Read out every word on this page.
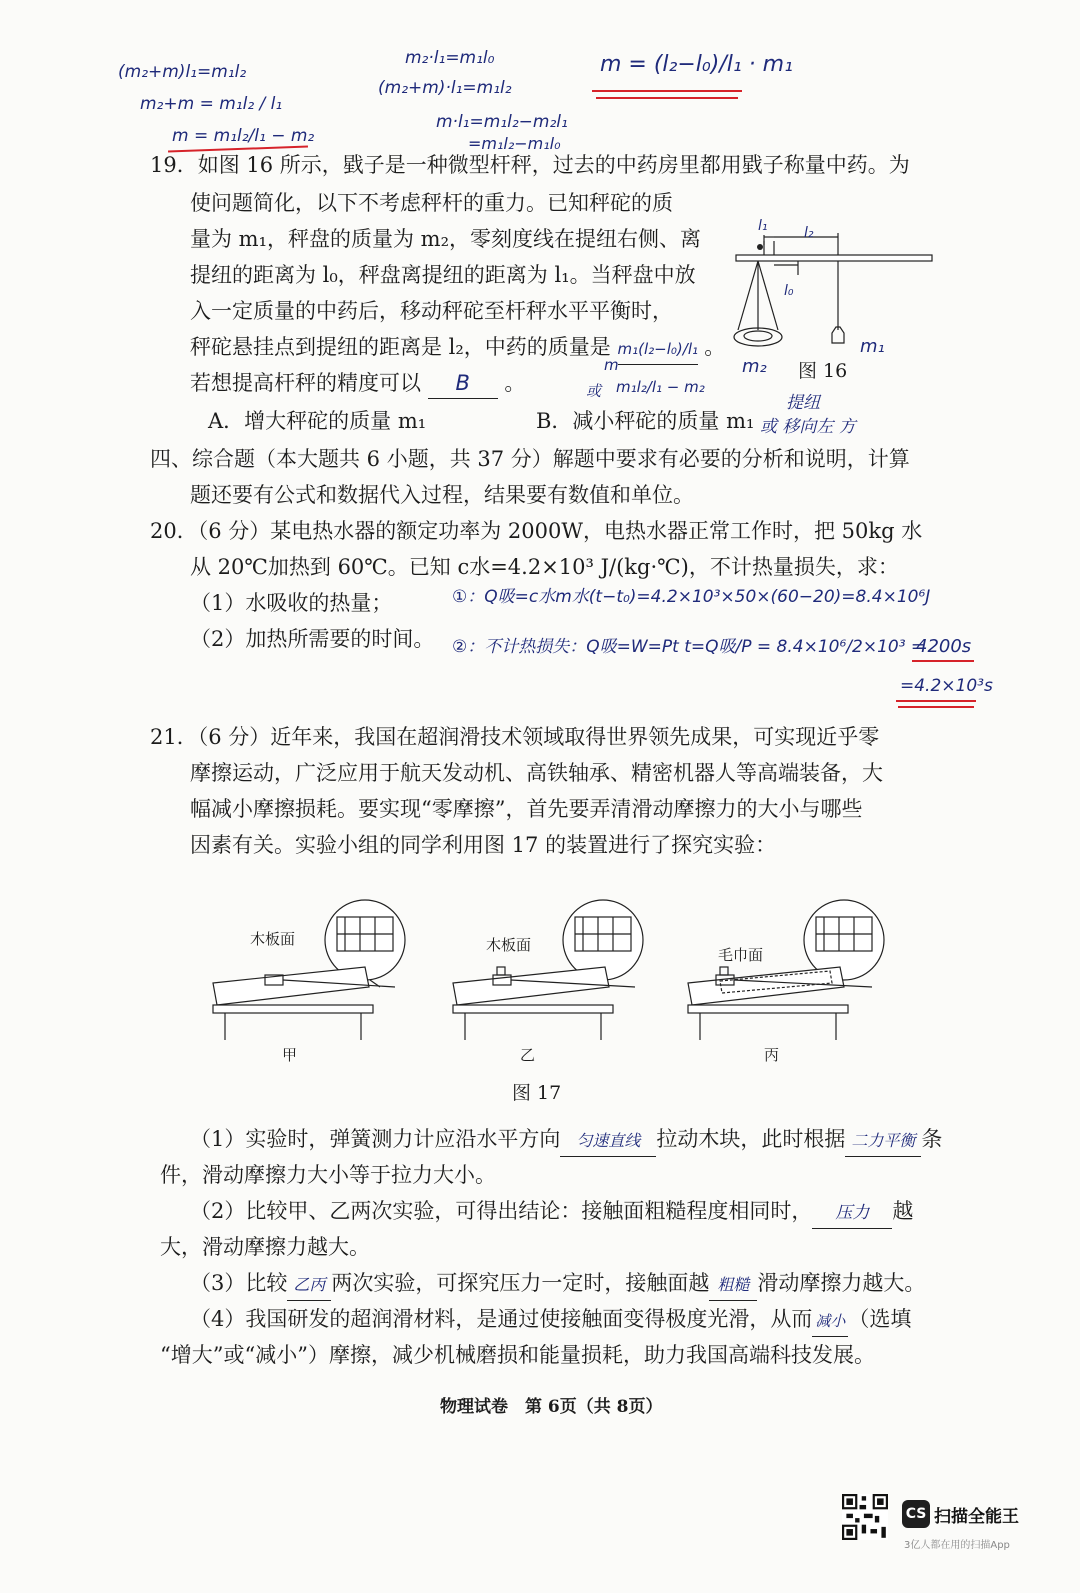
(m₂+m)l₁=m₁l₂
m₂+m = m₁l₂ / l₁
m = m₁l₂/l₁ − m₂
m₂·l₁=m₁l₀
(m₂+m)·l₁=m₁l₂
m·l₁=m₁l₂−m₂l₁
=m₁l₂−m₁l₀
m = (l₂−l₀)/l₁ · m₁
19．如图 16 所示，戥子是一种微型杆秤，过去的中药房里都用戥子称量中药。为
使问题简化，以下不考虑秤杆的重力。已知秤砣的质
量为 m₁，秤盘的质量为 m₂，零刻度线在提纽右侧、离
提纽的距离为 l₀，秤盘离提纽的距离为 l₁。当秤盘中放
入一定质量的中药后，移动秤砣至杆秤水平平衡时，
秤砣悬挂点到提纽的距离是 l₂，中药的质量是 m₁(l₂−l₀)/l₁ 。
若想提高杆秤的精度可以 B 。
m
或 m₁l₂/l₁ − m₂
A．增大秤砣的质量 m₁	B．减小秤砣的质量 m₁
提纽
或 移向左 方
l₁	l₂
l₀
m₁
m₂ 图 16
四、综合题（本大题共 6 小题，共 37 分）解题中要求有必要的分析和说明，计算
题还要有公式和数据代入过程，结果要有数值和单位。
20．（6 分）某电热水器的额定功率为 2000W，电热水器正常工作时，把 50kg 水
从 20℃加热到 60℃。已知 c水=4.2×10³ J/(kg·℃)，不计热量损失，求：
（1）水吸收的热量；
（2）加热所需要的时间。
①：Q吸=c水m水(t−t₀)=4.2×10³×50×(60−20)=8.4×10⁶J
②：不计热损失：Q吸=W=Pt t=Q吸/P = 8.4×10⁶/2×10³ =
4200s
=4.2×10³s
21．（6 分）近年来，我国在超润滑技术领域取得世界领先成果，可实现近乎零
摩擦运动，广泛应用于航天发动机、高铁轴承、精密机器人等高端装备，大
幅减小摩擦损耗。要实现“零摩擦”，首先要弄清滑动摩擦力的大小与哪些
因素有关。实验小组的同学利用图 17 的装置进行了探究实验：
木板面
甲
木板面
乙
毛巾面
丙
图 17
（1）实验时，弹簧测力计应沿水平方向 匀速直线 拉动木块，此时根据 二力平衡 条
件，滑动摩擦力大小等于拉力大小。
（2）比较甲、乙两次实验，可得出结论：接触面粗糙程度相同时， 压力 越
大，滑动摩擦力越大。
（3）比较 乙丙 两次实验，可探究压力一定时，接触面越 粗糙 滑动摩擦力越大。
（4）我国研发的超润滑材料，是通过使接触面变得极度光滑，从而 减小 （选填
“增大”或“减小”）摩擦，减少机械磨损和能量损耗，助力我国高端科技发展。
物理试卷　第 6页（共 8页）
CS 扫描全能王
3亿人都在用的扫描App
